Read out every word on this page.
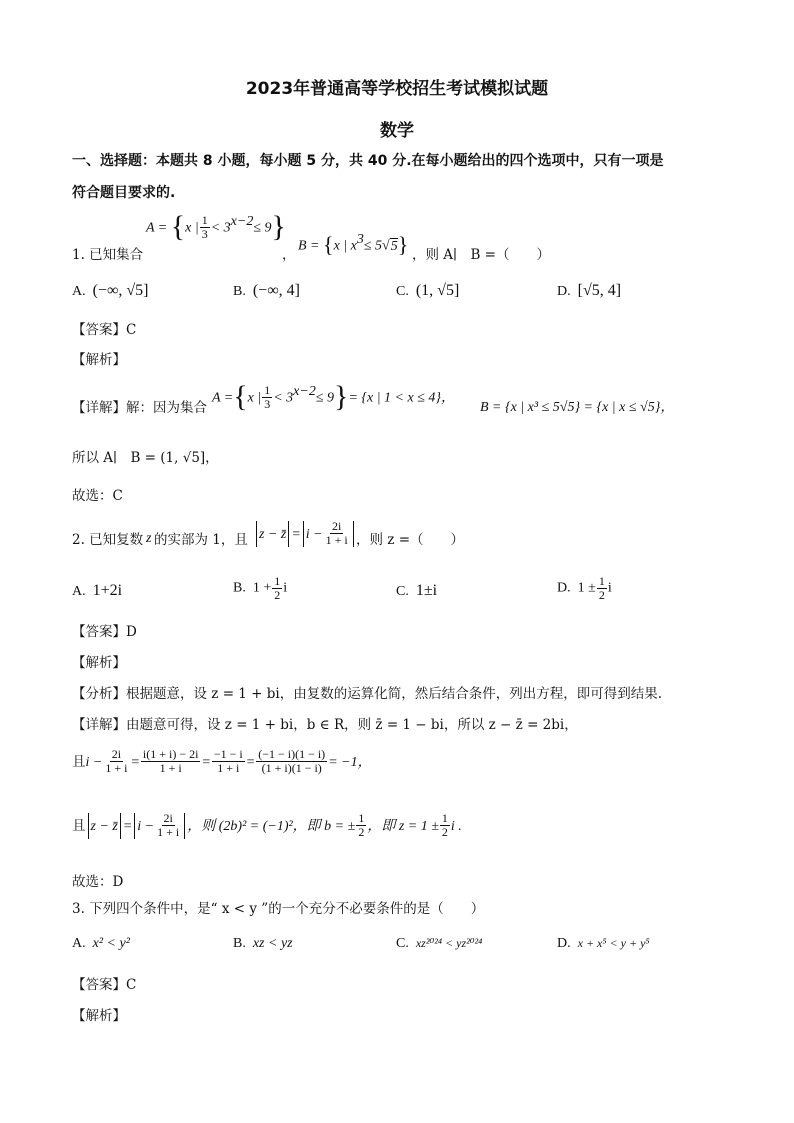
2023年普通高等学校招生考试模拟试题
数学
一、选择题：本题共 8 小题，每小题 5 分，共 40 分.在每小题给出的四个选项中，只有一项是
符合题目要求的.
1. 已知集合
A = {x | $\frac{1}{3} < 3^{x-2}\le 9$}
，
B = {x | $x^3\le 5√5$} ，则 A∣　B =（　　）
A. (−∞, √5]	B. (−∞, 4]	C. (1, √5]	D. [√5, 4]
【答案】C
【解析】
【详解】解：因为集合
A ={x | $\frac{1}{3} < 3^{x-2}\le 9\}= \{x$ | 1 < x ≤ 4}，
B = {x | x³ ≤ 5√5} = {x | x ≤ √5}，
所以 A∣　B = (1, √5]，
故选：C
2. 已知复数 z 的实部为 1，且 z − z̄ = $i - \frac{2i}{1 + i}$ ，则 z =（　　）
A. 1+2i	B. $1 + \frac{1}{2}$ i	C. 1±i	D. $1 \pm \frac{1}{2}$ i
【答案】D
【解析】
【分析】根据题意，设 z = 1 + bi，由复数的运算化简，然后结合条件，列出方程，即可得到结果.
【详解】由题意可得，设 z = 1 + bi，b ∈ R，则 z̄ = 1 − bi，所以 z − z̄ = 2bi，
且$i - \frac{2i}{1 + i} = \frac{i(1 + i) - 2i}{1 + i} = \frac{-1 - i}{1 + i} = \frac{(-1 - i)(1 - i)}{(1 + i)(1 - i)} = -1$，
且 z − z̄ = $i - \frac{2i}{1 + i}$ ，则 (2b)² = (−1)²，即 b = ± $\frac{1}{2}$ ，即 $z = 1 \pm \frac{1}{2}$ i .
故选：D
3. 下列四个条件中，是“ x < y ”的一个充分不必要条件的是（　　）
A. x² < y²	B. xz < yz	C. xz²⁰²⁴ < yz²⁰²⁴	D. x + x⁵ < y + y⁵
【答案】C
【解析】
